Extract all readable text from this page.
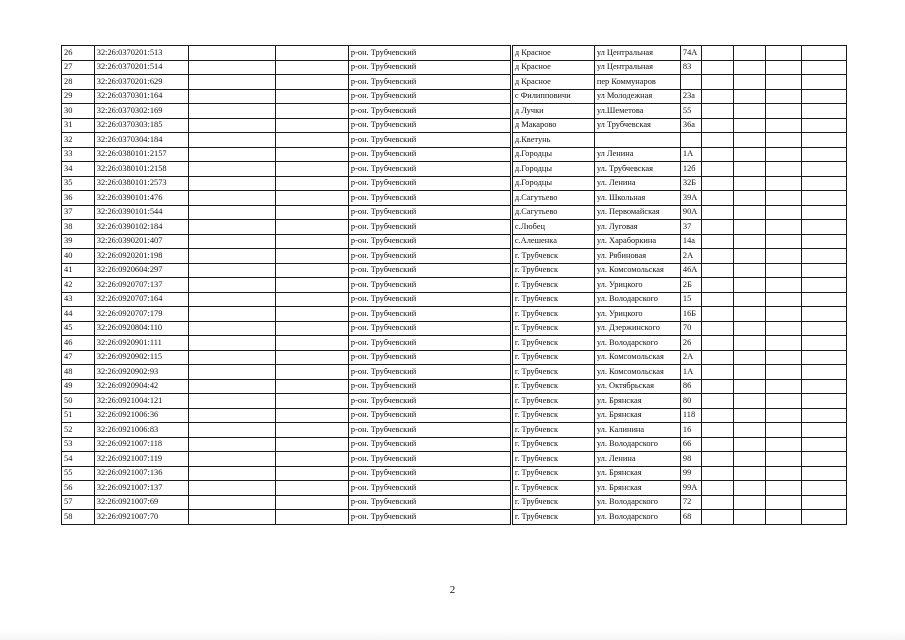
26	32:26:0370201:513			р-он. Трубчевский	д Красное	ул Центральная	74А				
27	32:26:0370201:514			р-он. Трубчевский	д Красное	ул Центральная	83				
28	32:26:0370201:629			р-он. Трубчевский	д Красное	пер Коммунаров					
29	32:26:0370301:164			р-он. Трубчевский	с Филипповичи	ул Молодежная	23а				
30	32:26:0370302:169			р-он. Трубчевский	д Лучки	ул.Шеметова	55				
31	32:26:0370303:185			р-он. Трубчевский	д Макарово	ул Трубчевская	36а				
32	32:26:0370304:184			р-он. Трубчевский	д.Кветунь						
33	32:26:0380101:2157			р-он. Трубчевский	д.Городцы	ул Ленина	1А				
34	32:26:0380101:2158			р-он. Трубчевский	д.Городцы	ул. Трубчевская	12б				
35	32:26:0380101:2573			р-он. Трубчевский	д.Городцы	ул. Ленина	32Б				
36	32:26:0390101:476			р-он. Трубчевский	д.Сагутьево	ул. Школьная	39А				
37	32:26:0390101:544			р-он. Трубчевский	д.Сагутьево	ул. Первомайская	90А				
38	32:26:0390102:184			р-он. Трубчевский	с.Любец	ул. Луговая	37				
39	32:26:0390201:407			р-он. Трубчевский	с.Алешенка	ул. Хараборкина	14а				
40	32:26:0920201:198			р-он. Трубчевский	г. Трубчевск	ул. Рябиновая	2А				
41	32:26:0920604:297			р-он. Трубчевский	г. Трубчевск	ул. Комсомольская	46А				
42	32:26:0920707:137			р-он. Трубчевский	г. Трубчевск	ул. Урицкого	2Б				
43	32:26:0920707:164			р-он. Трубчевский	г. Трубчевск	ул. Володарского	15				
44	32:26:0920707:179			р-он. Трубчевский	г. Трубчевск	ул. Урицкого	16Б				
45	32:26:0920804:110			р-он. Трубчевский	г. Трубчевск	ул. Дзержинского	70				
46	32:26:0920901:111			р-он. Трубчевский	г. Трубчевск	ул. Володарского	26				
47	32:26:0920902:115			р-он. Трубчевский	г. Трубчевск	ул. Комсомольская	2А				
48	32:26:0920902:93			р-он. Трубчевский	г. Трубчевск	ул. Комсомольская	1А				
49	32:26:0920904:42			р-он. Трубчевский	г. Трубчевск	ул. Октябрьская	86				
50	32:26:0921004:121			р-он. Трубчевский	г. Трубчевск	ул. Брянская	80				
51	32:26:0921006:36			р-он. Трубчевский	г. Трубчевск	ул. Брянская	118				
52	32:26:0921006:83			р-он. Трубчевский	г. Трубчевск	ул. Калинина	16				
53	32:26:0921007:118			р-он. Трубчевский	г. Трубчевск	ул. Володарского	66				
54	32:26:0921007:119			р-он. Трубчевский	г. Трубчевск	ул. Ленина	98				
55	32:26:0921007:136			р-он. Трубчевский	г. Трубчевск	ул. Брянская	99				
56	32:26:0921007:137			р-он. Трубчевский	г. Трубчевск	ул. Брянская	99А				
57	32:26:0921007:69			р-он. Трубчевский	г. Трубчевск	ул. Володарского	72				
58	32:26:0921007:70			р-он. Трубчевский	г. Трубчевск	ул. Володарского	68				
2
